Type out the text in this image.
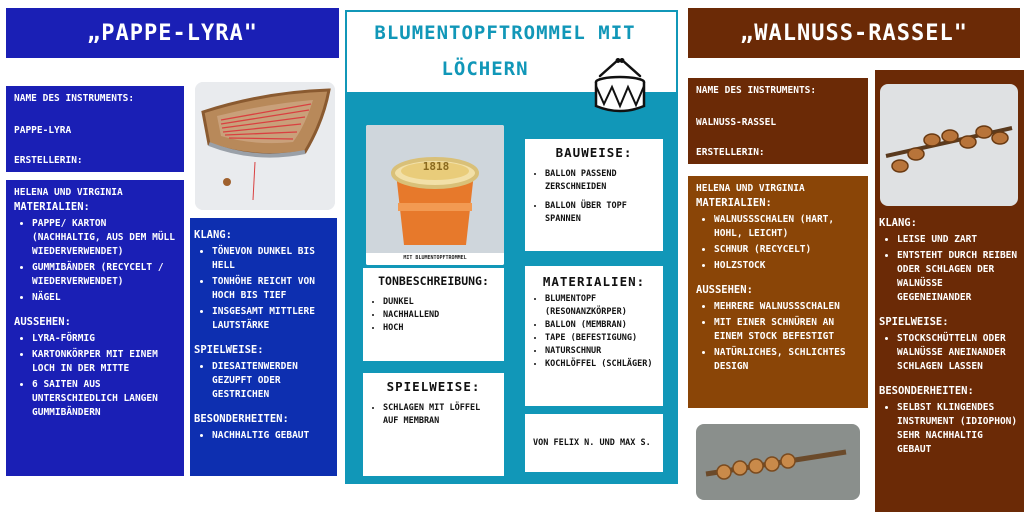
„PAPPE-LYRA"

NAME DES INSTRUMENTS:

PAPPE-LYRA

ERSTELLERIN:

HELENA UND VIRGINIA

MATERIALIEN:
• PAPPE/ KARTON (NACHHALTIG, AUS DEM MÜLL WIEDERVERWENDET)
• GUMMIBÄNDER (RECYCELT / WIEDERVERWENDET)
• NÄGEL
AUSSEHEN:
• LYRA-FÖRMIG
• KARTONKÖRPER MIT EINEM LOCH IN DER MITTE
• 6 SAITEN AUS UNTERSCHIEDLICH LANGEN GUMMIBÄNDERN
KLANG:
• TÖNEVON DUNKEL BIS HELL
• TONHÖHE REICHT VON HOCH BIS TIEF
• INSGESAMT MITTLERE LAUTSTÄRKE
SPIELWEISE:
• DIESAITENWERDEN GEZUPFT ODER GESTRICHEN
BESONDERHEITEN:
• NACHHALTIG GEBAUT
BLUMENTOPFTROMMEL MIT
LÖCHERN
1818
MIT BLUMENTOPFTROMMEL
BAUWEISE:
• BALLON PASSEND ZERSCHNEIDEN
• BALLON ÜBER TOPF SPANNEN
TONBESCHREIBUNG:
• DUNKEL
• NACHHALLEND
• HOCH
MATERIALIEN:
• BLUMENTOPF (RESONANZKÖRPER)
• BALLON (MEMBRAN)
• TAPE (BEFESTIGUNG)
• NATURSCHNUR
• KOCHLÖFFEL (SCHLÄGER)
SPIELWEISE:
• SCHLAGEN MIT LÖFFEL AUF MEMBRAN
VON FELIX N. UND MAX S.
„WALNUSS-RASSEL"

NAME DES INSTRUMENTS:

WALNUSS-RASSEL

ERSTELLERIN:

HELENA UND VIRGINIA

MATERIALIEN:
• WALNUSSSCHALEN (HART, HOHL, LEICHT)
• SCHNUR (RECYCELT)
• HOLZSTOCK
AUSSEHEN:
• MEHRERE WALNUSSSCHALEN
• MIT EINER SCHNÜREN AN EINEM STOCK BEFESTIGT
• NATÜRLICHES, SCHLICHTES DESIGN
KLANG:
• LEISE UND ZART
• ENTSTEHT DURCH REIBEN ODER SCHLAGEN DER WALNÜSSE GEGENEINANDER
SPIELWEISE:
• STOCKSCHÜTTELN ODER WALNÜSSE ANEINANDER SCHLAGEN LASSEN
BESONDERHEITEN:
• SELBST KLINGENDES INSTRUMENT (IDIOPHON) SEHR NACHHALTIG GEBAUT
